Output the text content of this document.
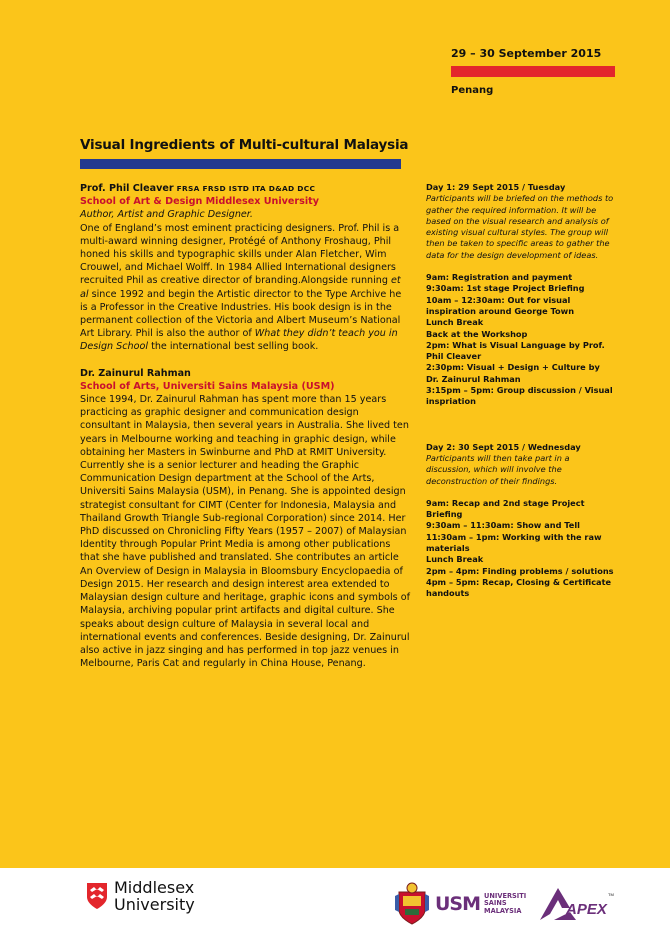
29 – 30 September 2015
Penang
Visual Ingredients of Multi-cultural Malaysia

Prof. Phil Cleaver FRSA FRSD ISTD ITA D&AD DCC

School of Art & Design Middlesex University

Author, Artist and Graphic Designer.

One of England’s most eminent practicing designers. Prof. Phil is a multi-award winning designer, Protégé of Anthony Froshaug, Phil honed his skills and typographic skills under Alan Fletcher, Wim Crouwel, and Michael Wolff. In 1984 Allied International designers recruited Phil as creative director of branding.Alongside running et al since 1992 and begin the Artistic director to the Type Archive he is a Professor in the Creative Industries. His book design is in the permanent collection of the Victoria and Albert Museum’s National Art Library. Phil is also the author of What they didn’t teach you in Design School the international best selling book.

Dr. Zainurul Rahman

School of Arts, Universiti Sains Malaysia (USM)

Since 1994, Dr. Zainurul Rahman has spent more than 15 years practicing as graphic designer and communication design consultant in Malaysia, then several years in Australia. She lived ten years in Melbourne working and teaching in graphic design, while obtaining her Masters in Swinburne and PhD at RMIT University. Currently she is a senior lecturer and heading the Graphic Communication Design department at the School of the Arts, Universiti Sains Malaysia (USM), in Penang. She is appointed design strategist consultant for CIMT (Center for Indonesia, Malaysia and Thailand Growth Triangle Sub-regional Corporation) since 2014. Her PhD discussed on Chronicling Fifty Years (1957 – 2007) of Malaysian Identity through Popular Print Media is among other publications that she have published and translated. She contributes an article An Overview of Design in Malaysia in Bloomsbury Encyclopaedia of Design 2015. Her research and design interest area extended to Malaysian design culture and heritage, graphic icons and symbols of Malaysia, archiving popular print artifacts and digital culture. She speaks about design culture of Malaysia in several local and international events and conferences. Beside designing, Dr. Zainurul also active in jazz singing and has performed in top jazz venues in Melbourne, Paris Cat and regularly in China House, Penang.

Day 1: 29 Sept 2015 / Tuesday
Participants will be briefed on the methods to gather the required information. It will be based on the visual research and analysis of existing visual cultural styles. The group will then be taken to specific areas to gather the data for the design development of ideas.
9am: Registration and payment
9:30am: 1st stage Project Briefing
10am – 12:30am: Out for visual inspiration around George Town
Lunch Break
Back at the Workshop
2pm: What is Visual Language by Prof. Phil Cleaver
2:30pm: Visual + Design + Culture by Dr. Zainurul Rahman
3:15pm – 5pm: Group discussion / Visual inspriation
Day 2: 30 Sept 2015 / Wednesday
Participants will then take part in a discussion, which will involve the deconstruction of their findings.
9am: Recap and 2nd stage Project Briefing
9:30am – 11:30am: Show and Tell
11:30am – 1pm: Working with the raw materials
Lunch Break
2pm – 4pm: Finding problems / solutions
4pm – 5pm: Recap, Closing & Certificate handouts
Middlesex
University	USM UNIVERSITI
SAINS
MALAYSIA	APEX
TM
